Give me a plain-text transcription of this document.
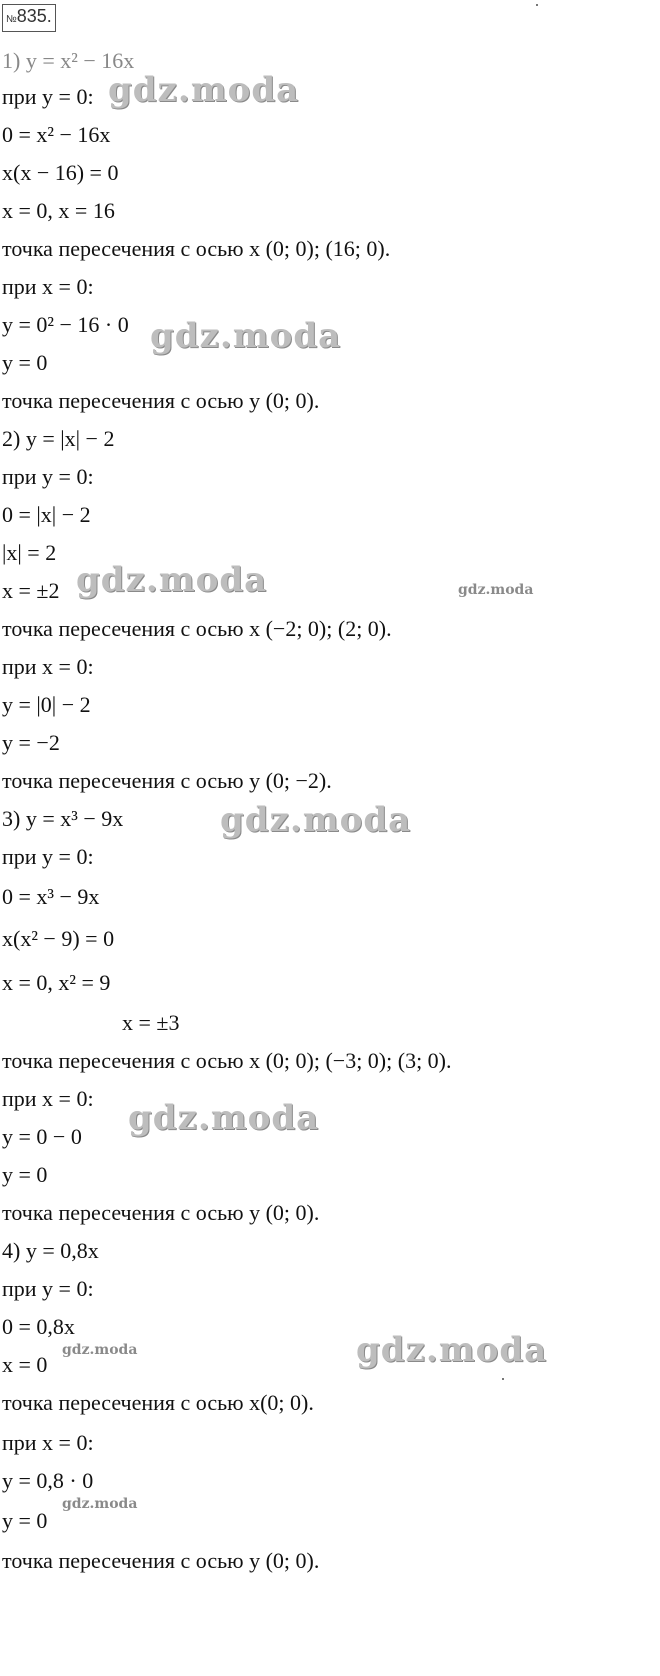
№835.
1) y = x² − 16x
при y = 0:
0 = x² − 16x
x(x − 16) = 0
x = 0, x = 16
точка пересечения с осью x (0; 0); (16; 0).
при x = 0:
y = 0² − 16 · 0
y = 0
точка пересечения с осью y (0; 0).
2) y = |x| − 2
при y = 0:
0 = |x| − 2
|x| = 2
x = ±2
точка пересечения с осью x (−2; 0); (2; 0).
при x = 0:
y = |0| − 2
y = −2
точка пересечения с осью y (0; −2).
3) y = x³ − 9x
при y = 0:
0 = x³ − 9x
x(x² − 9) = 0
x = 0, x² = 9
x = ±3
точка пересечения с осью x (0; 0); (−3; 0); (3; 0).
при x = 0:
y = 0 − 0
y = 0
точка пересечения с осью y (0; 0).
4) y = 0,8x
при y = 0:
0 = 0,8x
x = 0
точка пересечения с осью x(0; 0).
при x = 0:
y = 0,8 · 0
y = 0
точка пересечения с осью y (0; 0).
gdz.moda
gdz.moda
gdz.moda	gdz.moda
gdz.moda
gdz.moda
gdz.moda
gdz.moda
gdz.moda
